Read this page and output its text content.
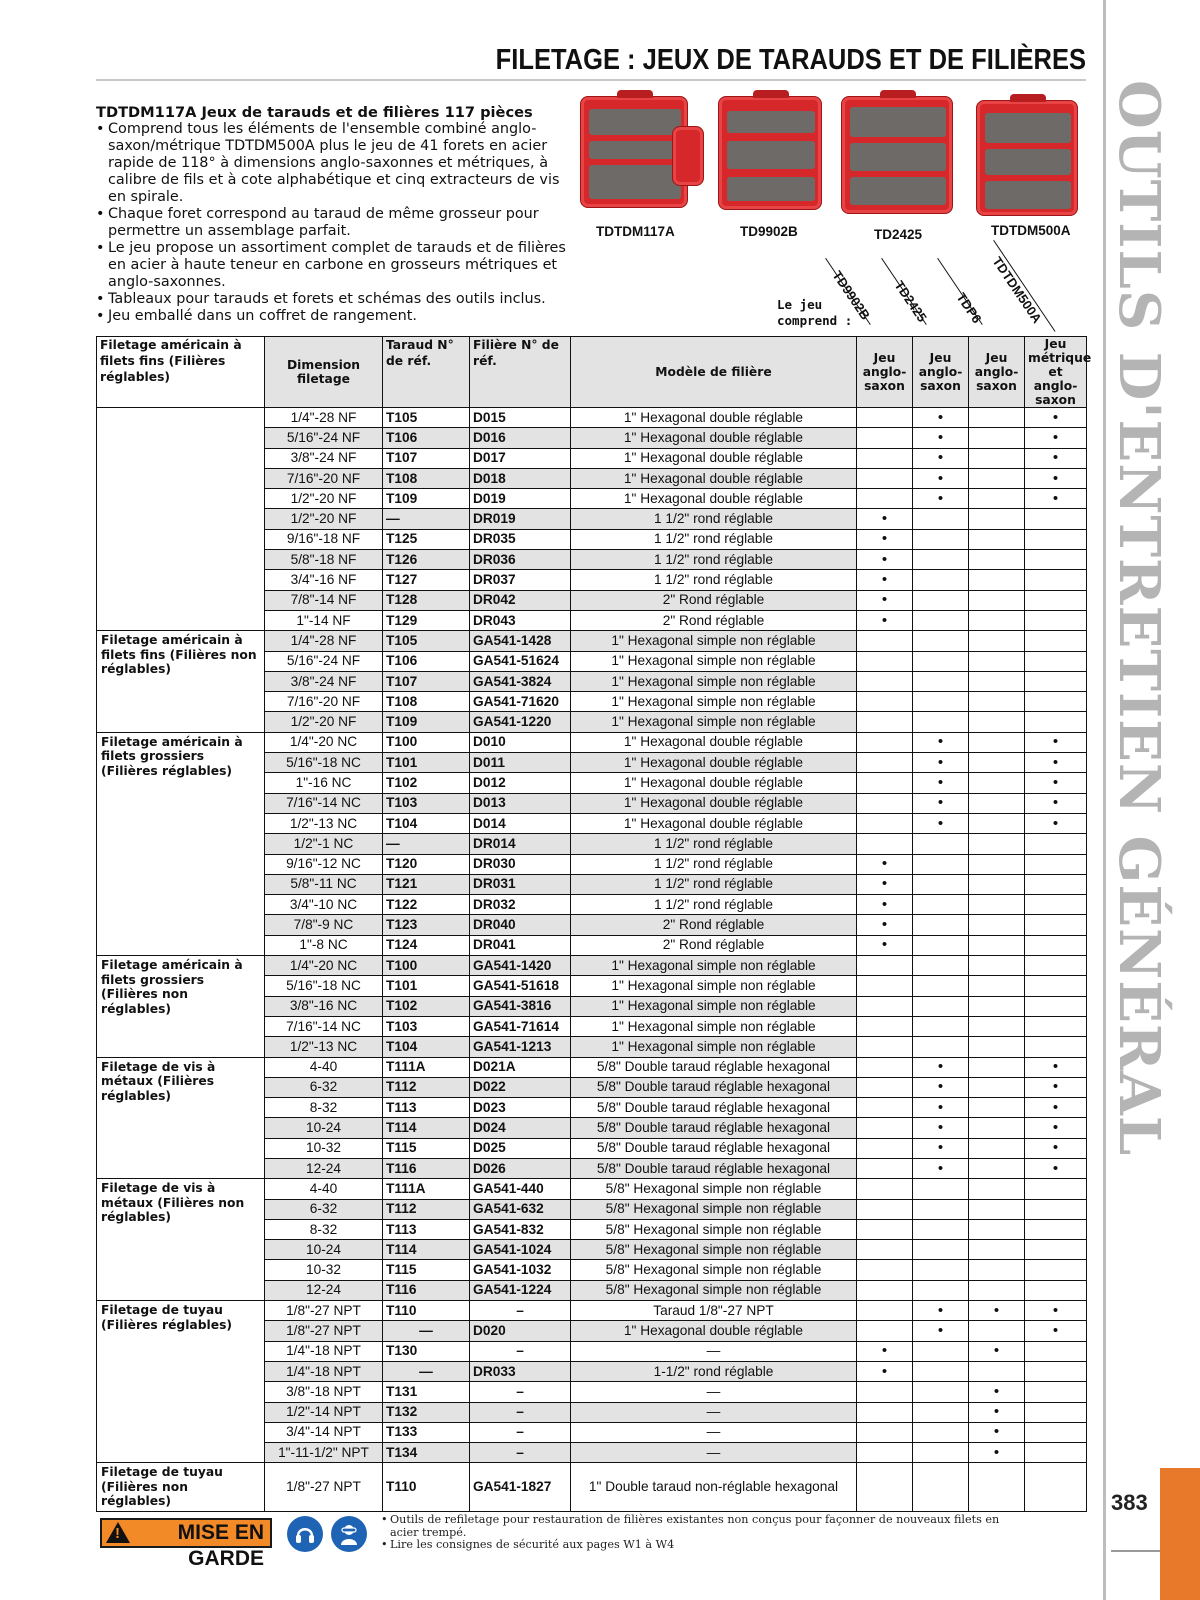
OUTILS D'ENTRETIEN GÉNÉRAL
383
FILETAGE : JEUX DE TARAUDS ET DE FILIÈRES
TDTDM117A Jeux de tarauds et de filières 117 pièces
• Comprend tous les éléments de l'ensemble combiné anglo-saxon/métrique TDTDM500A plus le jeu de 41 forets en acier rapide de 118° à dimensions anglo-saxonnes et métriques, à calibre de fils et à cote alphabétique et cinq extracteurs de vis en spirale.
• Chaque foret correspond au taraud de même grosseur pour permettre un assemblage parfait.
• Le jeu propose un assortiment complet de tarauds et de filières en acier à haute teneur en carbone en grosseurs métriques et anglo-saxonnes.
• Tableaux pour tarauds et forets et schémas des outils inclus.
• Jeu emballé dans un coffret de rangement.
TDTDM117A	TD9902B	TD2425	TDTDM500A
Le jeu
comprend :
TD9902B TD2425 TDP6 TDTDM500A
Filetage américain à filets fins (Filières réglables)	Dimension filetage	Taraud N° de réf.	Filière N° de réf.	Modèle de filière	Jeu anglo-saxon	Jeu anglo-saxon	Jeu anglo-saxon	Jeu métrique et anglo-saxon
	1/4"-28 NF	T105	D015	1" Hexagonal double réglable		•		•
	5/16"-24 NF	T106	D016	1" Hexagonal double réglable		•		•
	3/8"-24 NF	T107	D017	1" Hexagonal double réglable		•		•
	7/16"-20 NF	T108	D018	1" Hexagonal double réglable		•		•
	1/2"-20 NF	T109	D019	1" Hexagonal double réglable		•		•
	1/2"-20 NF	—	DR019	1 1/2" rond réglable	•			
	9/16"-18 NF	T125	DR035	1 1/2" rond réglable	•			
	5/8"-18 NF	T126	DR036	1 1/2" rond réglable	•			
	3/4"-16 NF	T127	DR037	1 1/2" rond réglable	•			
	7/8"-14 NF	T128	DR042	2" Rond réglable	•			
	1"-14 NF	T129	DR043	2" Rond réglable	•			
Filetage américain à filets fins (Filières non réglables)	1/4"-28 NF	T105	GA541-1428	1" Hexagonal simple non réglable				
	5/16"-24 NF	T106	GA541-51624	1" Hexagonal simple non réglable				
	3/8"-24 NF	T107	GA541-3824	1" Hexagonal simple non réglable				
	7/16"-20 NF	T108	GA541-71620	1" Hexagonal simple non réglable				
	1/2"-20 NF	T109	GA541-1220	1" Hexagonal simple non réglable				
Filetage américain à filets grossiers (Filières réglables)	1/4"-20 NC	T100	D010	1" Hexagonal double réglable		•		•
	5/16"-18 NC	T101	D011	1" Hexagonal double réglable		•		•
	1"-16 NC	T102	D012	1" Hexagonal double réglable		•		•
	7/16"-14 NC	T103	D013	1" Hexagonal double réglable		•		•
	1/2"-13 NC	T104	D014	1" Hexagonal double réglable		•		•
	1/2"-1 NC	—	DR014	1 1/2" rond réglable				
	9/16"-12 NC	T120	DR030	1 1/2" rond réglable	•			
	5/8"-11 NC	T121	DR031	1 1/2" rond réglable	•			
	3/4"-10 NC	T122	DR032	1 1/2" rond réglable	•			
	7/8"-9 NC	T123	DR040	2" Rond réglable	•			
	1"-8 NC	T124	DR041	2" Rond réglable	•			
Filetage américain à filets grossiers (Filières non réglables)	1/4"-20 NC	T100	GA541-1420	1" Hexagonal simple non réglable				
	5/16"-18 NC	T101	GA541-51618	1" Hexagonal simple non réglable				
	3/8"-16 NC	T102	GA541-3816	1" Hexagonal simple non réglable				
	7/16"-14 NC	T103	GA541-71614	1" Hexagonal simple non réglable				
	1/2"-13 NC	T104	GA541-1213	1" Hexagonal simple non réglable				
Filetage de vis à métaux (Filières réglables)	4-40	T111A	D021A	5/8" Double taraud réglable hexagonal		•		•
	6-32	T112	D022	5/8" Double taraud réglable hexagonal		•		•
	8-32	T113	D023	5/8" Double taraud réglable hexagonal		•		•
	10-24	T114	D024	5/8" Double taraud réglable hexagonal		•		•
	10-32	T115	D025	5/8" Double taraud réglable hexagonal		•		•
	12-24	T116	D026	5/8" Double taraud réglable hexagonal		•		•
Filetage de vis à métaux (Filières non réglables)	4-40	T111A	GA541-440	5/8" Hexagonal simple non réglable				
	6-32	T112	GA541-632	5/8" Hexagonal simple non réglable				
	8-32	T113	GA541-832	5/8" Hexagonal simple non réglable				
	10-24	T114	GA541-1024	5/8" Hexagonal simple non réglable				
	10-32	T115	GA541-1032	5/8" Hexagonal simple non réglable				
	12-24	T116	GA541-1224	5/8" Hexagonal simple non réglable				
Filetage de tuyau (Filières réglables)	1/8"-27 NPT	T110	–	Taraud 1/8"-27 NPT		•	•	•
	1/8"-27 NPT	—	D020	1" Hexagonal double réglable		•		•
	1/4"-18 NPT	T130	–	—	•		•	
	1/4"-18 NPT	—	DR033	1-1/2" rond réglable	•			
	3/8"-18 NPT	T131	–	—			•	
	1/2"-14 NPT	T132	–	—			•	
	3/4"-14 NPT	T133	–	—			•	
	1"-11-1/2" NPT	T134	–	—			•	
Filetage de tuyau (Filières non réglables)	1/8"-27 NPT	T110	GA541-1827	1" Double taraud non-réglable hexagonal				
!	MISE EN GARDE
• Outils de refiletage pour restauration de filières existantes non conçus pour façonner de nouveaux filets en acier trempé.
• Lire les consignes de sécurité aux pages W1 à W4
